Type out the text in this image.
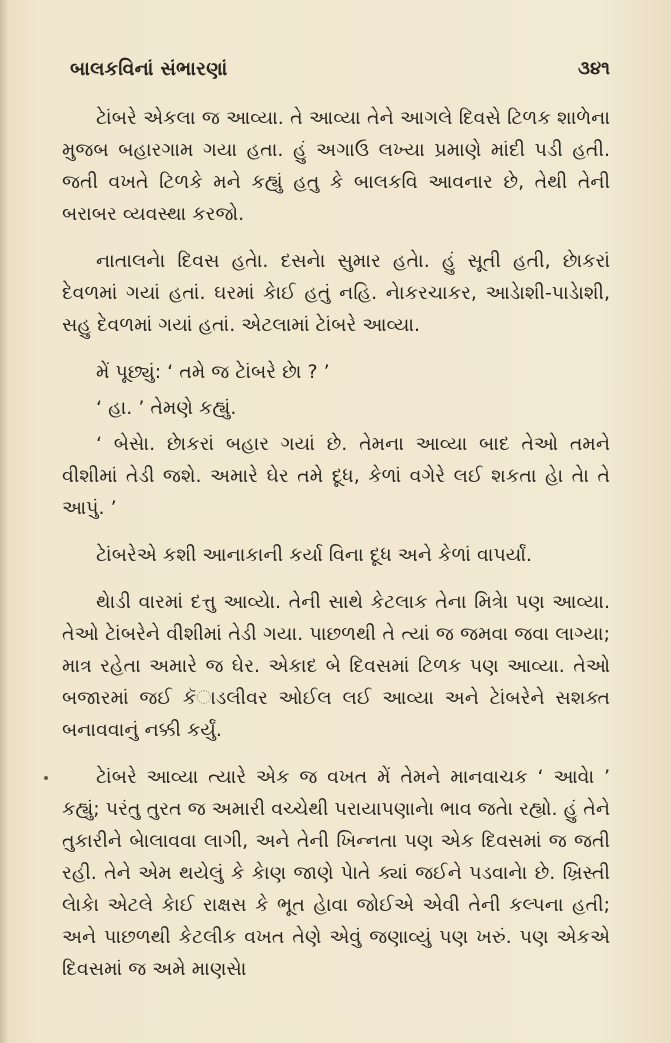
બાલકવિનાં સંભારણાં	૩૪૧

ટેાંબરે એકલા જ આવ્યા. તે આવ્યા તેને આગલે દિવસે ટિળક શાળેના મુજબ બહારગામ ગયા હતા. હું અગાઉ લખ્યા પ્રમાણે માંદી પડી હતી. જતી વખતે ટિળકે મને કહ્યું હતુ કે બાલકવિ આવનાર છે, તેથી તેની બરાબર વ્યવસ્થા કરજો.

નાતાલનેા દિવસ હતેા. દસનેા સુમાર હતેા. હું સૂતી હતી, છેાકરાં દેવળમાં ગયાં હતાં. ઘરમાં કેાઈ હતું નહિ. નેાકરચાકર, આડેાશી-પાડેાશી, સહુ દેવળમાં ગયાં હતાં. એટલામાં ટેાંબરે આવ્યા.

મેં પૂછ્યું: ‘ તમે જ ટેાંબરે છેા ? ’

‘ હા. ’ તેમણે કહ્યું.

‘ બેસેા. છેાકરાં બહાર ગયાં છે. તેમના આવ્યા બાદ તેઓ તમને વીશીમાં તેડી જશે. અમારે ઘેર તમે દૂધ, કેળાં વગેરે લઈ શકતા હેા તેા તે આપું. ’

ટેાંબરેએ કશી આનાકાની કર્યા વિના દૂધ અને કેળાં વાપર્યાં.

થેાડી વારમાં દત્તુ આવ્યેા. તેની સાથે કેટલાક તેના મિત્રેા પણ આવ્યા. તેઓ ટેાંબરેને વીશીમાં તેડી ગયા. પાછળથી તે ત્યાં જ જમવા જવા લાગ્યા; માત્ર રહેતા અમારે જ ઘેર. એકાદ બે દિવસમાં ટિળક પણ આવ્યા. તેઓ બજારમાં જઈ કૅાડલીવર ઓઈલ લઈ આવ્યા અને ટેાંબરેને સશક્ત બનાવવાનું નક્કી કર્યું.

ટેાંબરે આવ્યા ત્યારે એક જ વખત મેં તેમને માનવાચક ‘ આવેા ’ કહ્યું; પરંતુ તુરત જ અમારી વચ્ચેથી પરાયાપણાનેા ભાવ જતેા રહ્યો. હું તેને તુકારીને બેાલાવવા લાગી, અને તેની ખિન્નતા પણ એક દિવસમાં જ જતી રહી. તેને એમ થયેલું કે કેાણ જાણે પેાતે ક્યાં જઈને પડવાનેા છે. ખ્રિસ્તી લેાકેા એટલે કેાઈ રાક્ષસ કે ભૂત હેાવા જોઈએ એવી તેની કલ્પના હતી; અને પાછળથી કેટલીક વખત તેણે એવું જણાવ્યું પણ ખરું. પણ એકએ દિવસમાં જ અમે માણસેા
